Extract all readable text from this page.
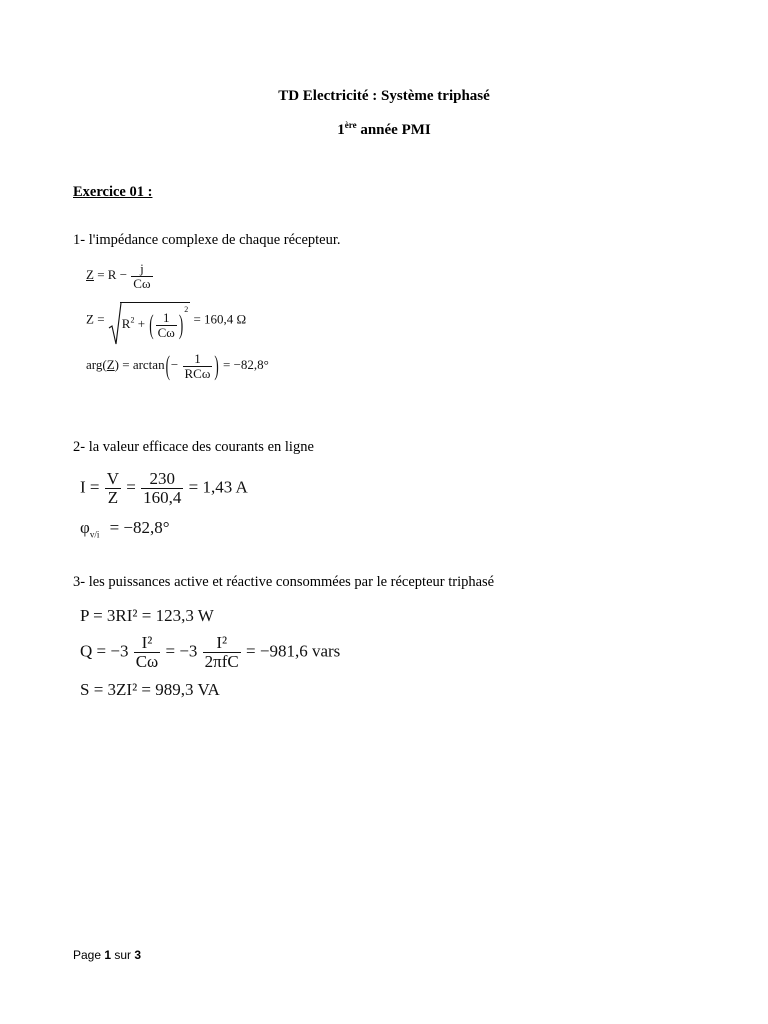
TD Electricité : Système triphasé
1ère année PMI
Exercice 01 :
1- l'impédance complexe de chaque récepteur.
$Z = R - \frac{j}{C\omega}$
Z =
$R^2$ + ( $\frac{1}{C\omega} )^2 = 160,4$ Ω
$arg(Z) = \arctan(- \frac{1}{\text{RCω}}$ ) = −82,8°
2- la valeur efficace des courants en ligne
$I = \frac{V}{Z} = \frac{230}{160,4} = 1,43$ A
$\varphi_{v/i} = -82,8^\circ$
3- les puissances active et réactive consommées par le récepteur triphasé
P = 3RI² = 123,3 W
$Q = -3 \frac{\text{I²}}{C\omega} = -3 \frac{\text{I²}}{\text{2πfC}} = -981,6$ vars
S = 3ZI² = 989,3 VA
Page 1 sur 3
